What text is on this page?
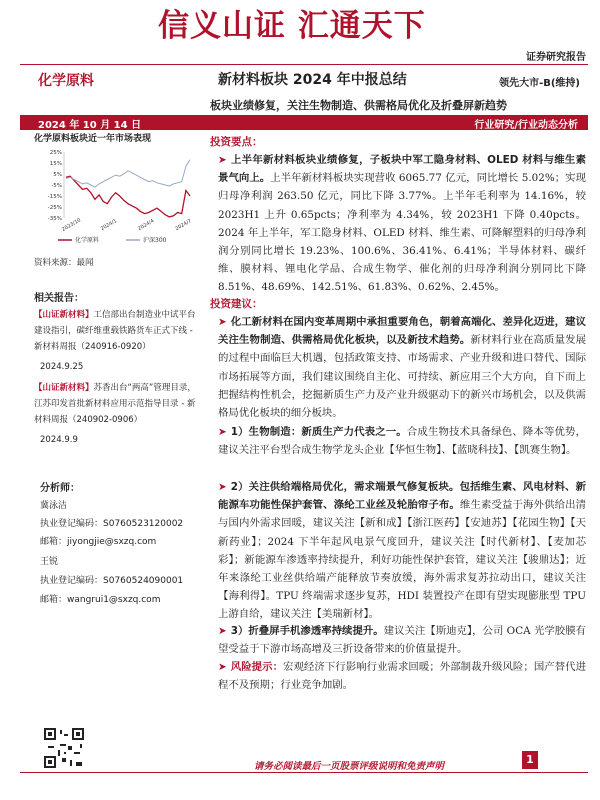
信义山证 汇通天下
证券研究报告
化学原料	新材料板块 2024 年中报总结	领先大市-B(维持)
板块业绩修复，关注生物制造、供需格局优化及折叠屏新趋势
2024 年 10 月 14 日	行业研究/行业动态分析
化学原料板块近一年市场表现
25%
15%
5%
-5%
-15%
-25%
-35% 2023/10	2024/1	2024/4	2024/7
化学原料	沪深300
资料来源：最闻
相关报告：
【山证新材料】工信部出台制造业中试平台建设指引，碳纤维重载铁路货车正式下线 - 新材料周报（240916-0920）
2024.9.25
【山证新材料】苏香出台“两高”管理目录，江苏印发首批新材料应用示范指导目录 - 新材料周报（240902-0906）
2024.9.9
分析师：
冀泳洁
执业登记编码：S0760523120002
邮箱：jiyongjie@sxzq.com
王锐
执业登记编码：S0760524090001
邮箱：wangrui1@sxzq.com
投资要点：
➤ 上半年新材料板块业绩修复，子板块中军工隐身材料、OLED 材料与维生素景气向上。上半年新材料板块实现营收 6065.77 亿元，同比增长 5.02%；实现归母净利润 263.50 亿元，同比下降 3.77%。上半年毛利率为 14.16%，较 2023H1 上升 0.65pcts；净利率为 4.34%，较 2023H1 下降 0.40pcts。2024 年上半年，军工隐身材料、OLED 材料、维生素、可降解塑料的归母净利润分别同比增长 19.23%、100.6%、36.41%、6.41%；半导体材料、碳纤维、膜材料、锂电化学品、合成生物学、催化剂的归母净利润分别同比下降 8.51%、48.69%、142.51%、61.83%、0.62%、2.45%。
投资建议：
➤ 化工新材料在国内变革周期中承担重要角色，朝着高端化、差异化迈进，建议关注生物制造、供需格局优化板块，以及新技术趋势。新材料行业在高质量发展的过程中面临巨大机遇，包括政策支持、市场需求、产业升级和进口替代、国际市场拓展等方面，我们建议围绕自主化、可持续、新应用三个大方向，自下而上把握结构性机会，挖掘新质生产力及产业升级驱动下的新兴市场机会，以及供需格局优化板块的细分板块。
➤ 1）生物制造：新质生产力代表之一。合成生物技术具备绿色、降本等优势，建议关注平台型合成生物学龙头企业【华恒生物】、【蓝晓科技】、【凯赛生物】。
➤ 2）关注供给端格局优化，需求端景气修复板块。包括维生素、风电材料、新能源车功能性保护套管、涤纶工业丝及轮胎帘子布。维生素受益于海外供给出清与国内外需求回暖，建议关注【新和成】【浙江医药】【安迪苏】【花园生物】【天新药业】；2024 下半年起风电景气度回升，建议关注【时代新材】、【麦加芯彩】；新能源车渗透率持续提升，利好功能性保护套管，建议关注【骏鼎达】；近年来涤纶工业丝供给端产能释放节奏放缓，海外需求复苏拉动出口，建议关注【海利得】。TPU 终端需求逐步复苏，HDI 装置投产在即有望实现膨胀型 TPU 上游自给，建议关注【美瑞新材】。
➤ 3）折叠屏手机渗透率持续提升。建议关注【斯迪克】，公司 OCA 光学胶膜有望受益于下游市场高增及三折设备带来的价值量提升。
➤ 风险提示：宏观经济下行影响行业需求回暖；外部制裁升级风险；国产替代进程不及预期；行业竞争加剧。
请务必阅读最后一页股票评级说明和免责声明
1
